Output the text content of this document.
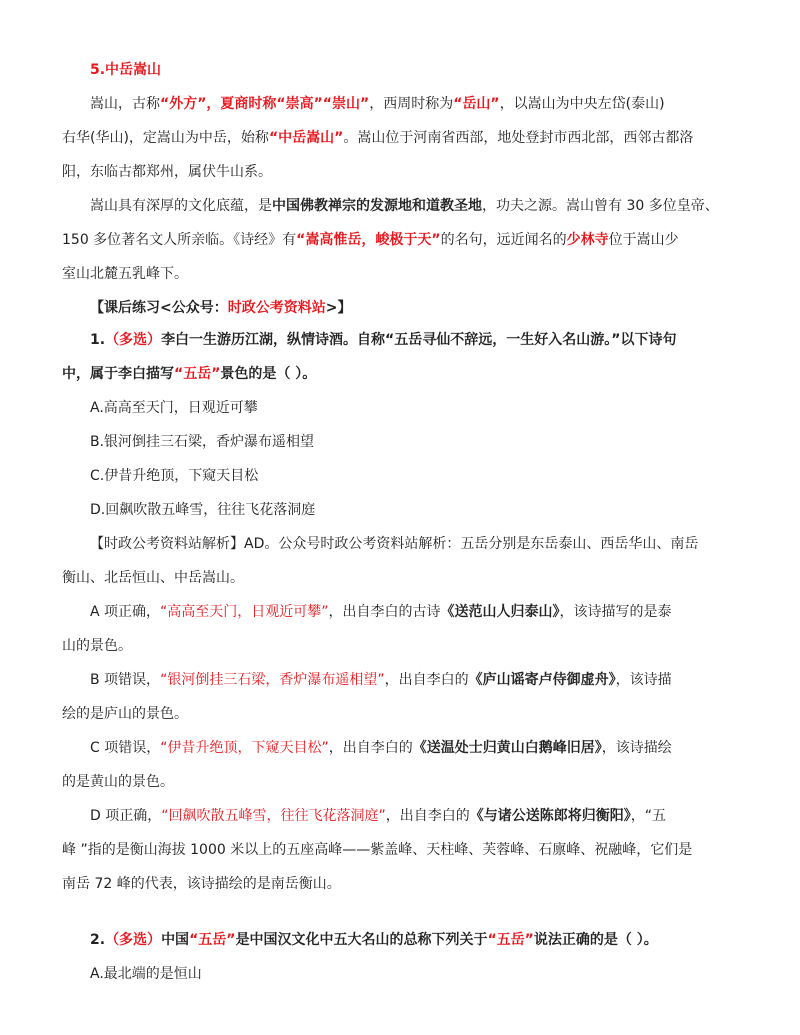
5.中岳嵩山
嵩山，古称“外方”，夏商时称“崇高”“崇山”，西周时称为“岳山”，以嵩山为中央左岱(泰山)
右华(华山)，定嵩山为中岳，始称“中岳嵩山”。嵩山位于河南省西部，地处登封市西北部，西邻古都洛
阳，东临古都郑州，属伏牛山系。
嵩山具有深厚的文化底蕴，是中国佛教禅宗的发源地和道教圣地，功夫之源。嵩山曾有 30 多位皇帝、
150 多位著名文人所亲临。《诗经》有“嵩高惟岳，峻极于天”的名句，远近闻名的少林寺位于嵩山少
室山北麓五乳峰下。
【课后练习<公众号：时政公考资料站>】
1.（多选）李白一生游历江湖，纵情诗酒。自称“五岳寻仙不辞远，一生好入名山游。”以下诗句
中，属于李白描写“五岳”景色的是（ ）。
A.高高至天门，日观近可攀
B.银河倒挂三石梁，香炉瀑布遥相望
C.伊昔升绝顶，下窥天目松
D.回飙吹散五峰雪，往往飞花落洞庭
【时政公考资料站解析】AD。公众号时政公考资料站解析：五岳分别是东岳泰山、西岳华山、南岳
衡山、北岳恒山、中岳嵩山。
A 项正确，“高高至天门，日观近可攀”，出自李白的古诗《送范山人归泰山》，该诗描写的是泰
山的景色。
B 项错误，“银河倒挂三石梁，香炉瀑布遥相望”，出自李白的《庐山谣寄卢侍御虚舟》，该诗描
绘的是庐山的景色。
C 项错误，“伊昔升绝顶，下窥天目松”，出自李白的《送温处士归黄山白鹅峰旧居》，该诗描绘
的是黄山的景色。
D 项正确，“回飙吹散五峰雪，往往飞花落洞庭”，出自李白的《与诸公送陈郎将归衡阳》，“五
峰 ”指的是衡山海拔 1000 米以上的五座高峰——紫盖峰、天柱峰、芙蓉峰、石廪峰、祝融峰，它们是
南岳 72 峰的代表，该诗描绘的是南岳衡山。
2.（多选）中国“五岳”是中国汉文化中五大名山的总称下列关于“五岳”说法正确的是（ ）。
A.最北端的是恒山
